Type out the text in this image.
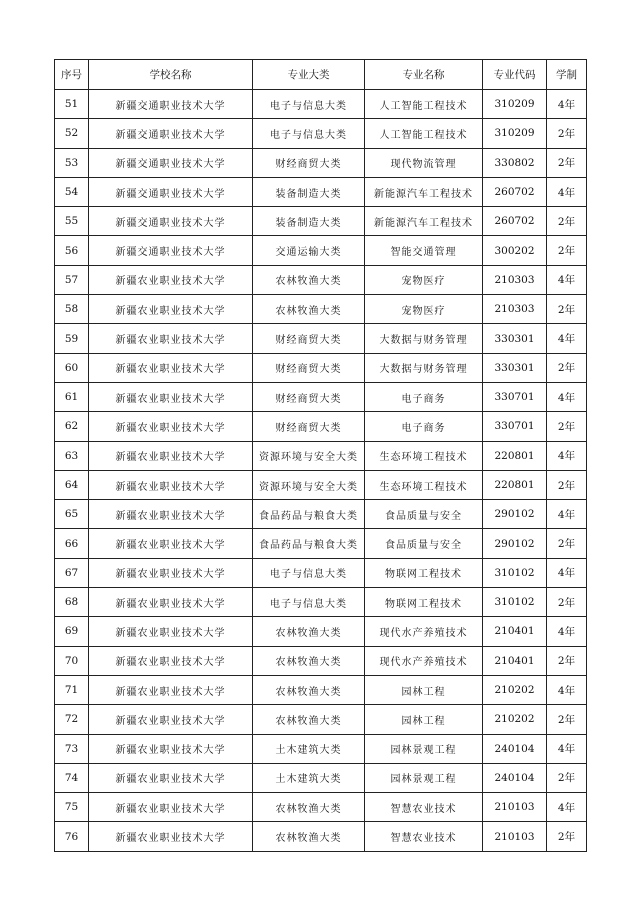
序号	学校名称	专业大类	专业名称	专业代码	学制
51	新疆交通职业技术大学	电子与信息大类	人工智能工程技术	310209	4年
52	新疆交通职业技术大学	电子与信息大类	人工智能工程技术	310209	2年
53	新疆交通职业技术大学	财经商贸大类	现代物流管理	330802	2年
54	新疆交通职业技术大学	装备制造大类	新能源汽车工程技术	260702	4年
55	新疆交通职业技术大学	装备制造大类	新能源汽车工程技术	260702	2年
56	新疆交通职业技术大学	交通运输大类	智能交通管理	300202	2年
57	新疆农业职业技术大学	农林牧渔大类	宠物医疗	210303	4年
58	新疆农业职业技术大学	农林牧渔大类	宠物医疗	210303	2年
59	新疆农业职业技术大学	财经商贸大类	大数据与财务管理	330301	4年
60	新疆农业职业技术大学	财经商贸大类	大数据与财务管理	330301	2年
61	新疆农业职业技术大学	财经商贸大类	电子商务	330701	4年
62	新疆农业职业技术大学	财经商贸大类	电子商务	330701	2年
63	新疆农业职业技术大学	资源环境与安全大类	生态环境工程技术	220801	4年
64	新疆农业职业技术大学	资源环境与安全大类	生态环境工程技术	220801	2年
65	新疆农业职业技术大学	食品药品与粮食大类	食品质量与安全	290102	4年
66	新疆农业职业技术大学	食品药品与粮食大类	食品质量与安全	290102	2年
67	新疆农业职业技术大学	电子与信息大类	物联网工程技术	310102	4年
68	新疆农业职业技术大学	电子与信息大类	物联网工程技术	310102	2年
69	新疆农业职业技术大学	农林牧渔大类	现代水产养殖技术	210401	4年
70	新疆农业职业技术大学	农林牧渔大类	现代水产养殖技术	210401	2年
71	新疆农业职业技术大学	农林牧渔大类	园林工程	210202	4年
72	新疆农业职业技术大学	农林牧渔大类	园林工程	210202	2年
73	新疆农业职业技术大学	土木建筑大类	园林景观工程	240104	4年
74	新疆农业职业技术大学	土木建筑大类	园林景观工程	240104	2年
75	新疆农业职业技术大学	农林牧渔大类	智慧农业技术	210103	4年
76	新疆农业职业技术大学	农林牧渔大类	智慧农业技术	210103	2年
